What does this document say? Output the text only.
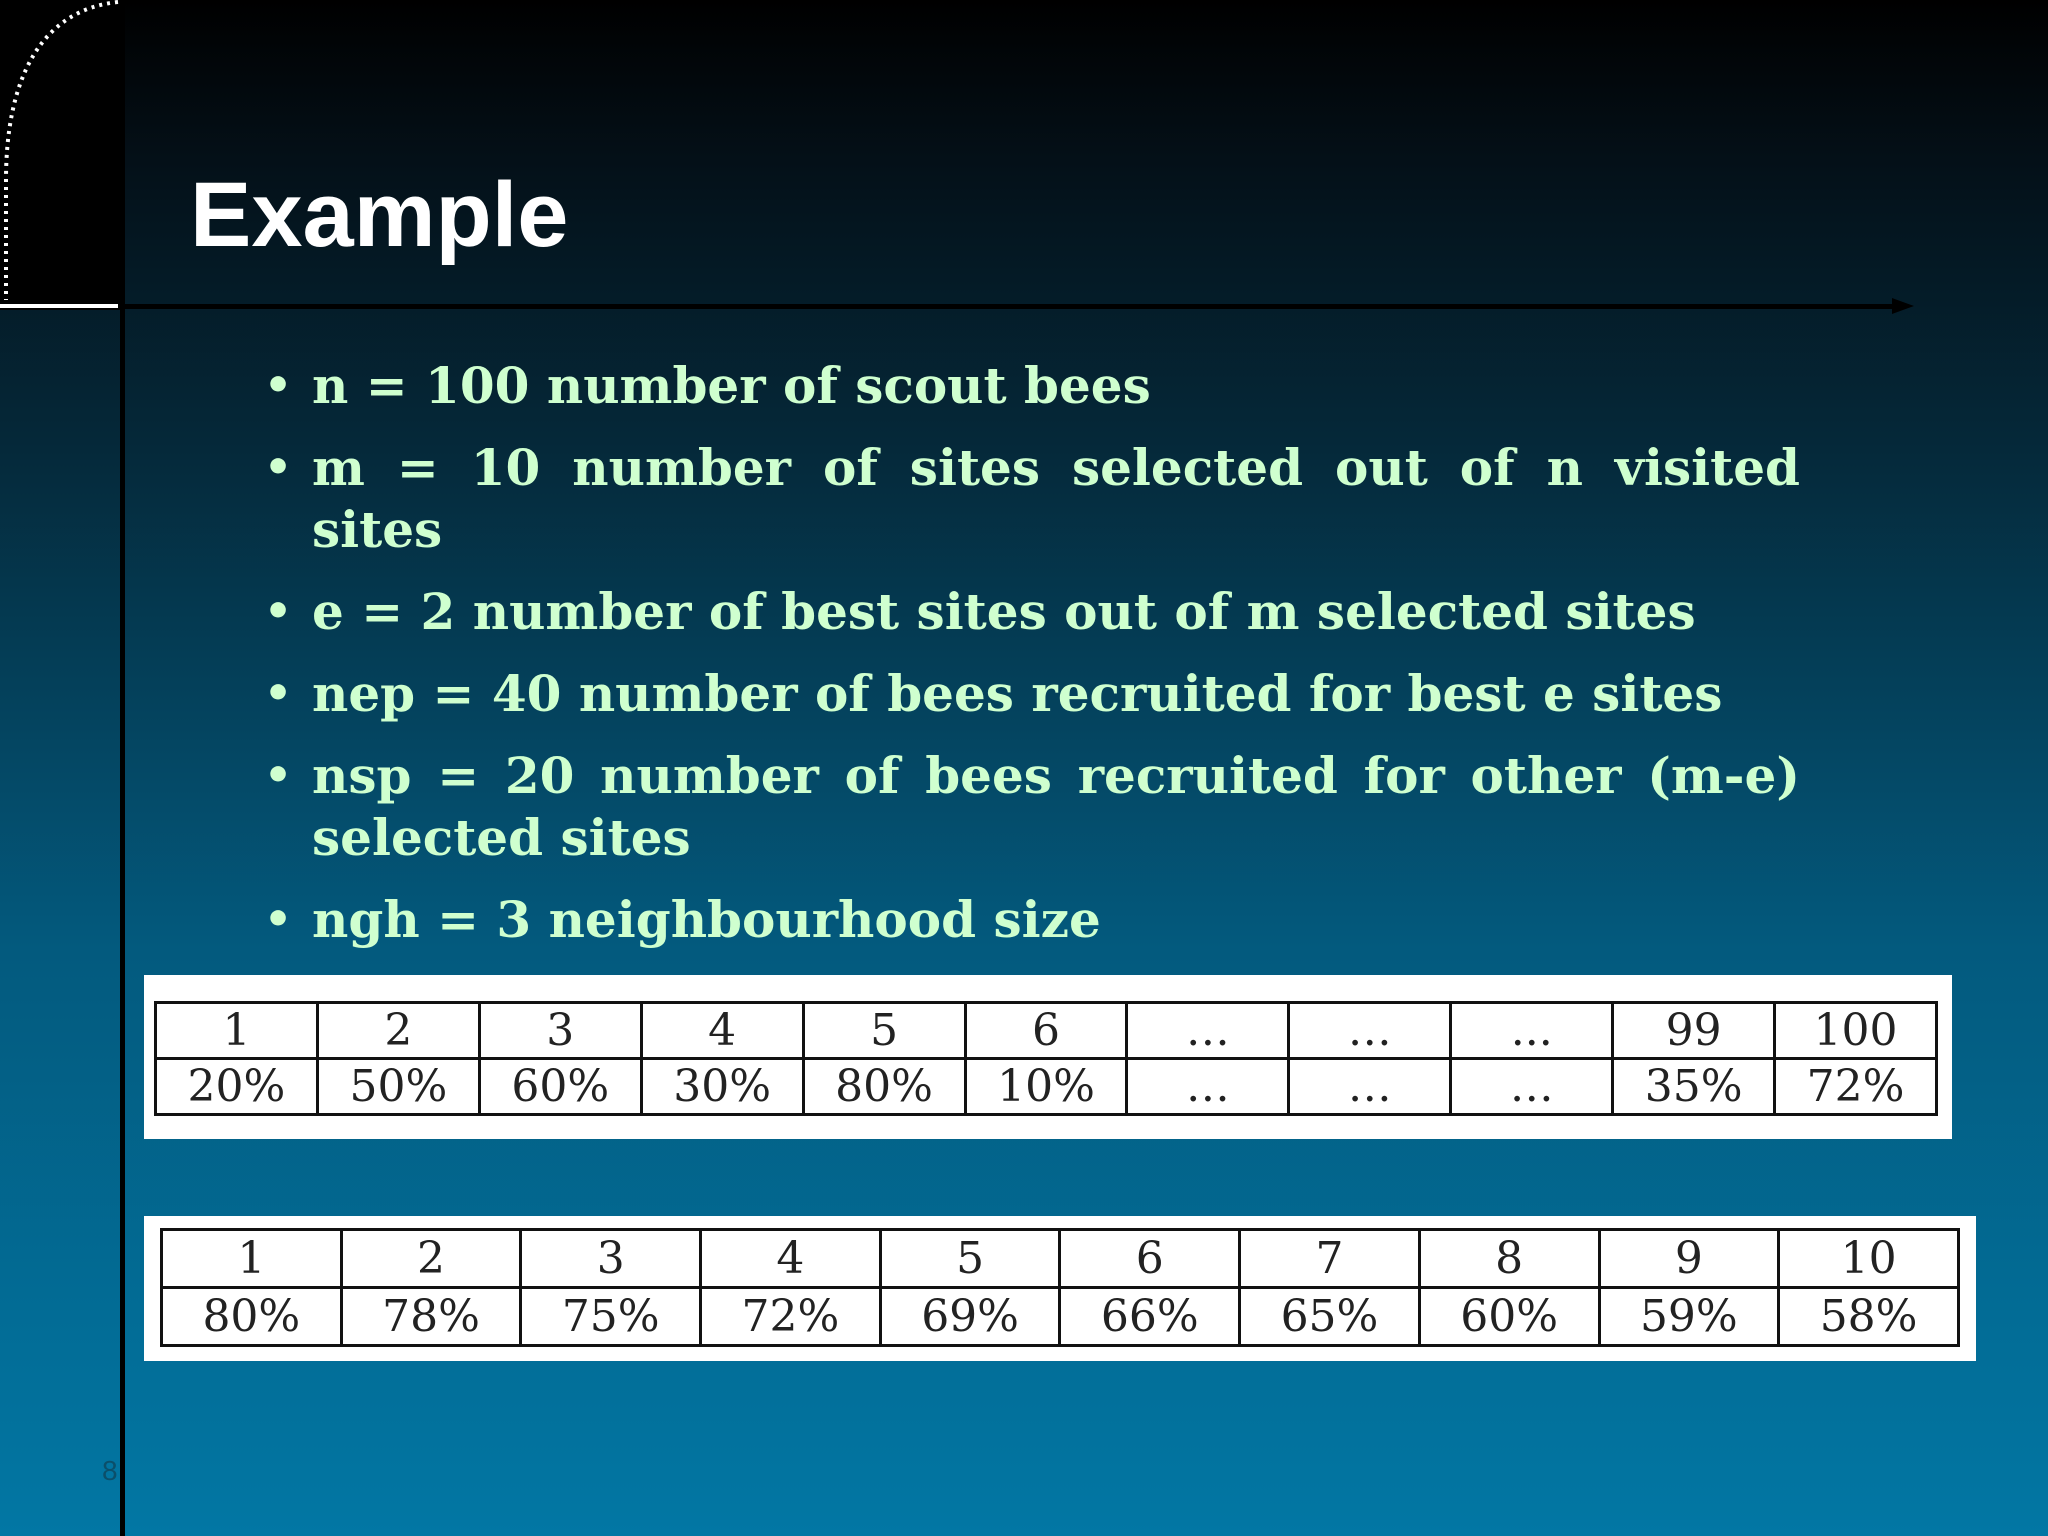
Example
• n = 100 number of scout bees
• m = 10 number of sites selected out of n visited sites
• e = 2 number of best sites out of m selected sites
• nep = 40 number of bees recruited for best e sites
• nsp = 20 number of bees recruited for other (m-e) selected sites
• ngh = 3 neighbourhood size
1	2	3	4	5	6	…	…	...	99	100
20%	50%	60%	30%	80%	10%	…	…	…	35%	72%
1	2	3	4	5	6	7	8	9	10
80%	78%	75%	72%	69%	66%	65%	60%	59%	58%
8
